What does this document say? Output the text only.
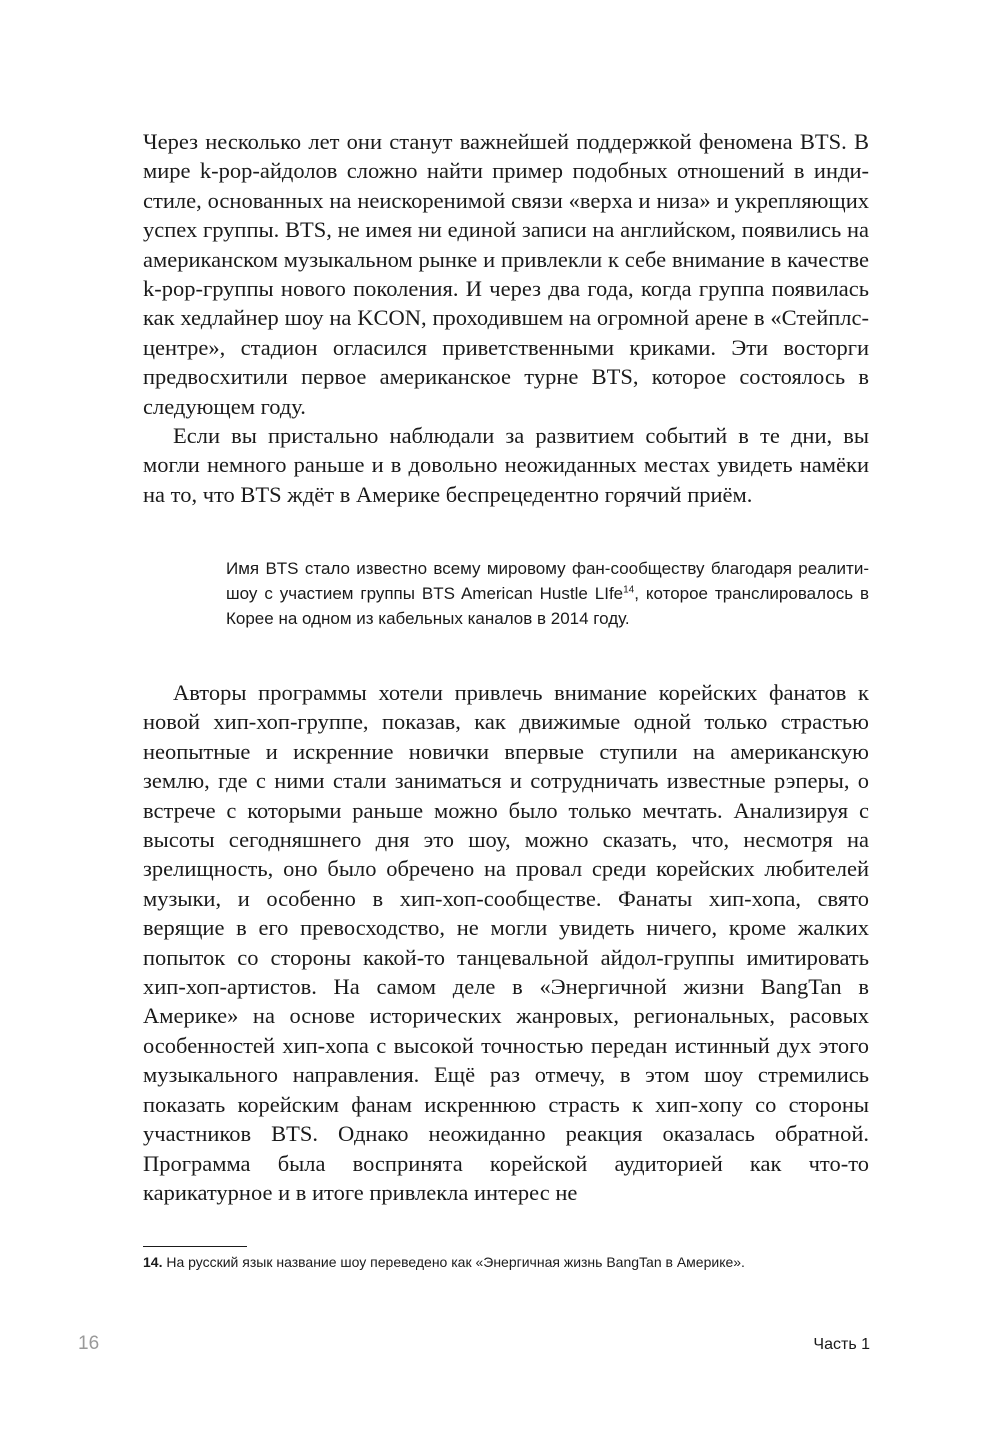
Через несколько лет они станут важнейшей поддержкой феномена BTS. В мире k-pop-айдолов сложно найти пример подобных отношений в инди-стиле, основанных на неискоренимой связи «верха и низа» и укрепляющих успех группы. BTS, не имея ни единой записи на английском, появились на американском музыкальном рынке и привлекли к себе внимание в качестве k-pop-группы нового поколения. И через два года, когда группа появилась как хедлайнер шоу на KCON, проходившем на огромной арене в «Стейплс-центре», стадион огласился приветственными криками. Эти восторги предвосхитили первое американское турне BTS, которое состоялось в следующем году.

Если вы пристально наблюдали за развитием событий в те дни, вы могли немного раньше и в довольно неожиданных местах увидеть намёки на то, что BTS ждёт в Америке беспрецедентно горячий приём.

Имя BTS стало известно всему мировому фан-сообществу благодаря реалити-шоу с участием группы BTS American Hustle LIfe$^{14}$, которое транслировалось в Корее на одном из кабельных каналов в 2014 году.

Авторы программы хотели привлечь внимание корейских фанатов к новой хип-хоп-группе, показав, как движимые одной только страстью неопытные и искренние новички впервые ступили на американскую землю, где с ними стали заниматься и сотрудничать известные рэперы, о встрече с которыми раньше можно было только мечтать. Анализируя с высоты сегодняшнего дня это шоу, можно сказать, что, несмотря на зрелищность, оно было обречено на провал среди корейских любителей музыки, и особенно в хип-хоп-сообществе. Фанаты хип-хопа, свято верящие в его превосходство, не могли увидеть ничего, кроме жалких попыток со стороны какой-то танцевальной айдол-группы имитировать хип-хоп-артистов. На самом деле в «Энергичной жизни BangTan в Америке» на основе исторических жанровых, региональных, расовых особенностей хип-хопа с высокой точностью передан истинный дух этого музыкального направления. Ещё раз отмечу, в этом шоу стремились показать корейским фанам искреннюю страсть к хип-хопу со стороны участников BTS. Однако неожиданно реакция оказалась обратной. Программа была воспринята корейской аудиторией как что-то карикатурное и в итоге привлекла интерес не

14. На русский язык название шоу переведено как «Энергичная жизнь BangTan в Америке».
16	Часть 1
